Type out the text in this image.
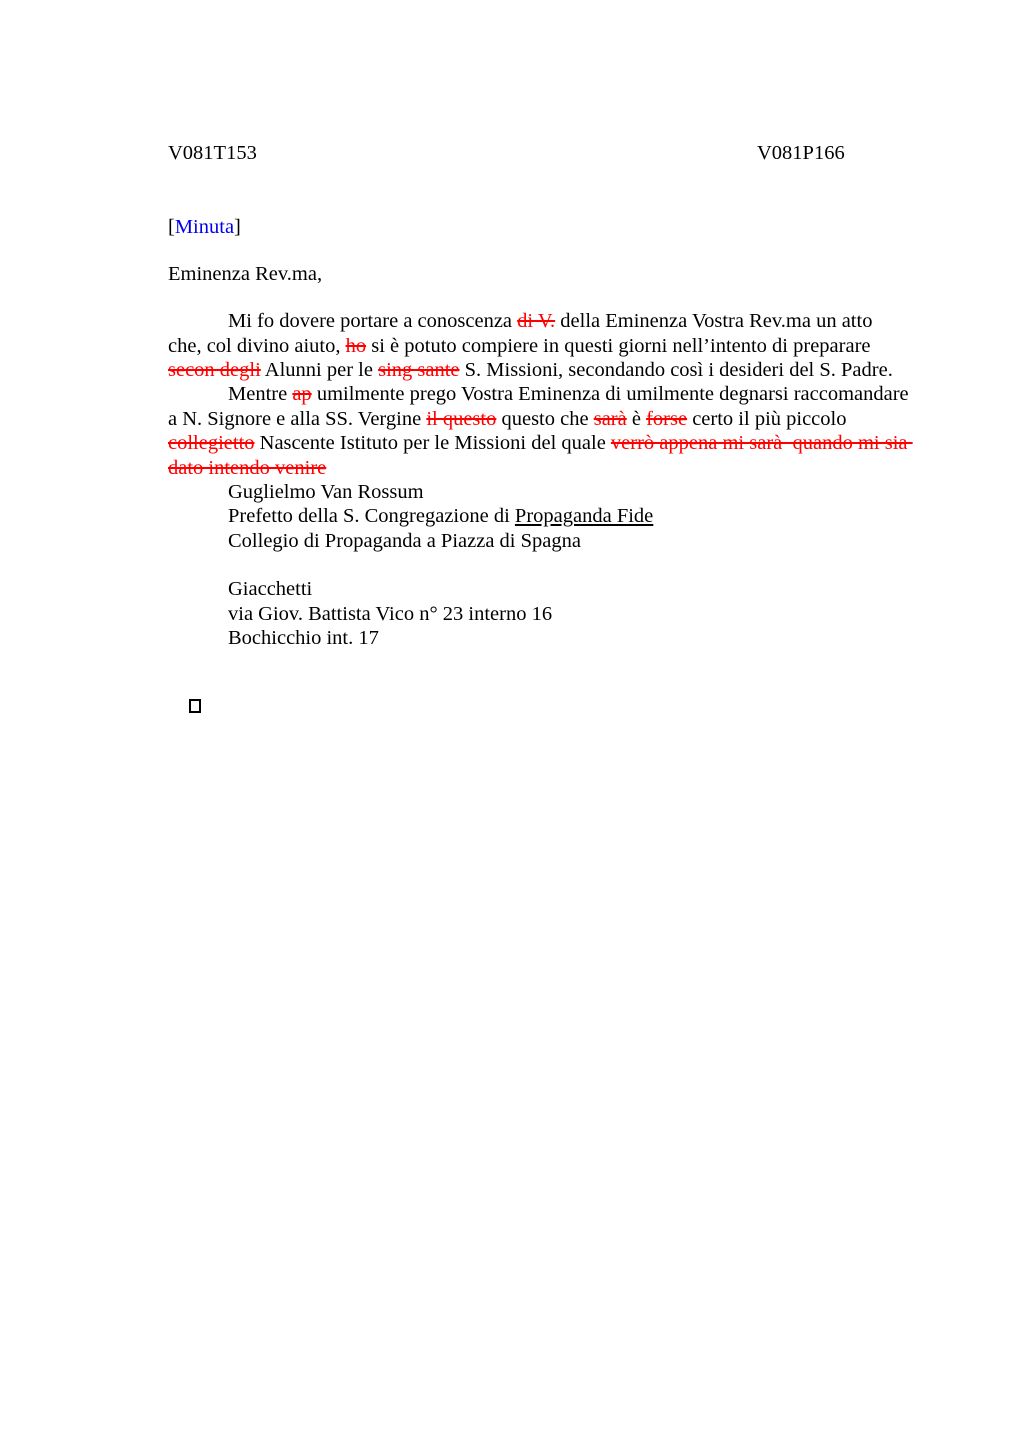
V081T153	V081P166
[Minuta]
Eminenza Rev.ma,
Mi fo dovere portare a conoscenza di V. della Eminenza Vostra Rev.ma un atto
che, col divino aiuto, ho si è potuto compiere in questi giorni nell’intento di preparare
secon degli Alunni per le sing sante S. Missioni, secondando così i desideri del S. Padre.
Mentre ap umilmente prego Vostra Eminenza di umilmente degnarsi raccomandare
a N. Signore e alla SS. Vergine il questo questo che sarà è forse certo il più piccolo
collegietto Nascente Istituto per le Missioni del quale verrò appena mi sarà  quando mi sia
dato intendo venire
Guglielmo Van Rossum
Prefetto della S. Congregazione di Propaganda Fide
Collegio di Propaganda a Piazza di Spagna
Giacchetti
via Giov. Battista Vico n° 23 interno 16
Bochicchio int. 17
